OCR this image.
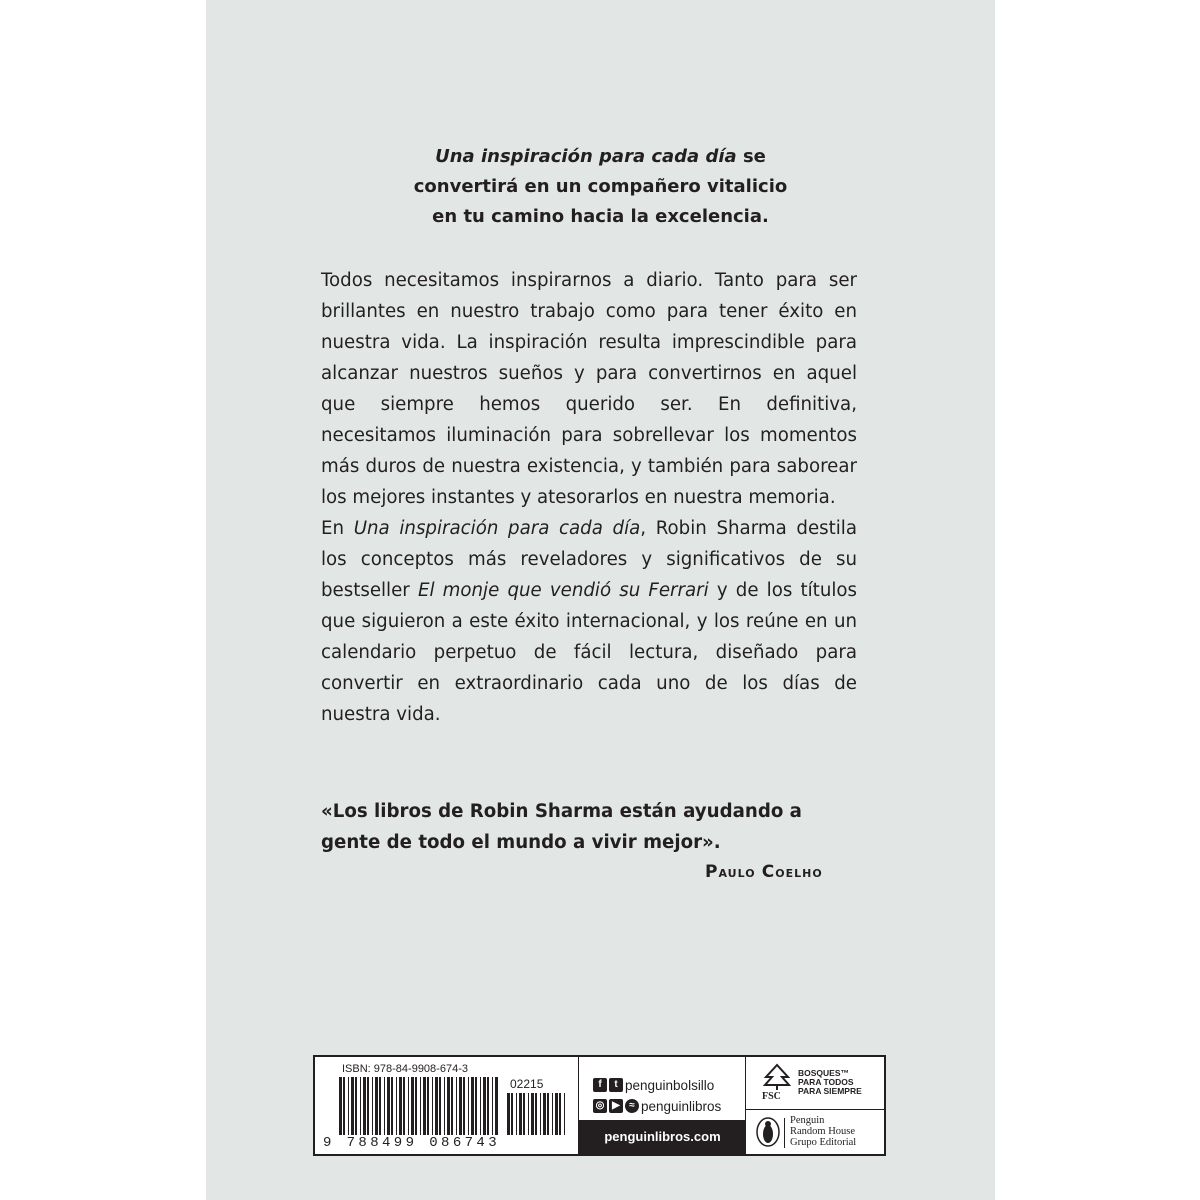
Una inspiración para cada día se
convertirá en un compañero vitalicio
en tu camino hacia la excelencia.
Todos necesitamos inspirarnos a diario. Tanto para ser brillantes en nuestro trabajo como para tener éxito en nuestra vida. La inspiración resulta imprescindible para alcanzar nuestros sueños y para convertirnos en aquel que siempre hemos querido ser. En definitiva, necesitamos iluminación para sobrellevar los momentos más duros de nuestra existencia, y también para saborear los mejores instantes y atesorarlos en nuestra memoria.
En Una inspiración para cada día, Robin Sharma destila los conceptos más reveladores y significativos de su bestseller El monje que vendió su Ferrari y de los títulos que siguieron a este éxito internacional, y los reúne en un calendario perpetuo de fácil lectura, diseñado para convertir en extraordinario cada uno de los días de nuestra vida.
«Los libros de Robin Sharma están ayudando a gente de todo el mundo a vivir mejor».
Paulo Coelho
ISBN: 978-84-9908-674-3
02215
9 788499 086743
f	t penguinbolsillo
◎ ▶ ≈ penguinlibros
penguinlibros.com
FSC
BOSQUES™
PARA TODOS
PARA SIEMPRE
Penguin
Random House
Grupo Editorial
